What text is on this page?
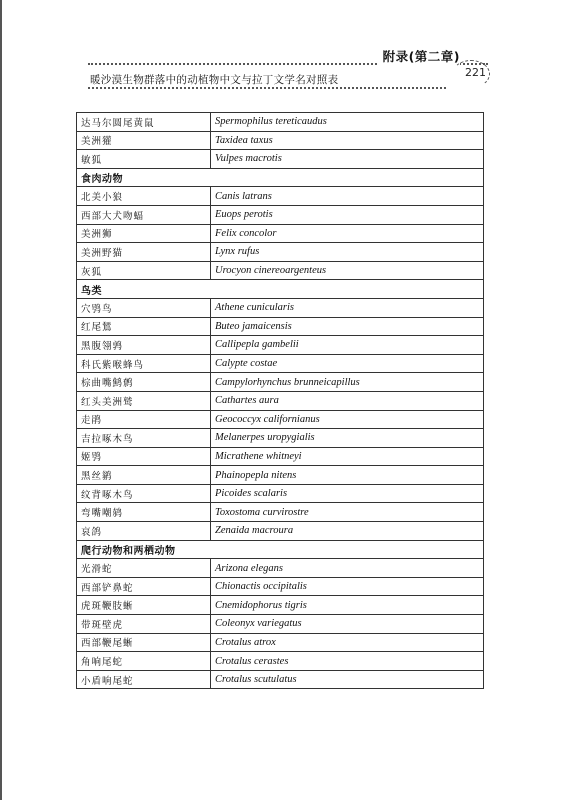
附录(第二章)
暖沙漠生物群落中的动植物中文与拉丁文学名对照表
221
达马尔圆尾黄鼠	Spermophilus tereticaudus
美洲獾	Taxidea taxus
敏狐	Vulpes macrotis
食肉动物	
北美小狼	Canis latrans
西部大犬吻蝠	Euops perotis
美洲狮	Felix concolor
美洲野猫	Lynx rufus
灰狐	Urocyon cinereoargenteus
鸟类	
穴鸮鸟	Athene cunicularis
红尾鵟	Buteo jamaicensis
黑腹翎鹑	Callipepla gambelii
科氏紫喉蜂鸟	Calypte costae
棕曲嘴鹪鹩	Campylorhynchus brunneicapillus
红头美洲鹫	Cathartes aura
走鹃	Geococcyx californianus
吉拉啄木鸟	Melanerpes uropygialis
姬鸮	Micrathene whitneyi
黑丝鹟	Phainopepla nitens
纹背啄木鸟	Picoides scalaris
弯嘴嘲鸫	Toxostoma curvirostre
哀鸽	Zenaida macroura
爬行动物和两栖动物	
光滑蛇	Arizona elegans
西部铲鼻蛇	Chionactis occipitalis
虎斑鞭肢蜥	Cnemidophorus tigris
带斑壁虎	Coleonyx variegatus
西部鞭尾蜥	Crotalus atrox
角响尾蛇	Crotalus cerastes
小盾响尾蛇	Crotalus scutulatus
